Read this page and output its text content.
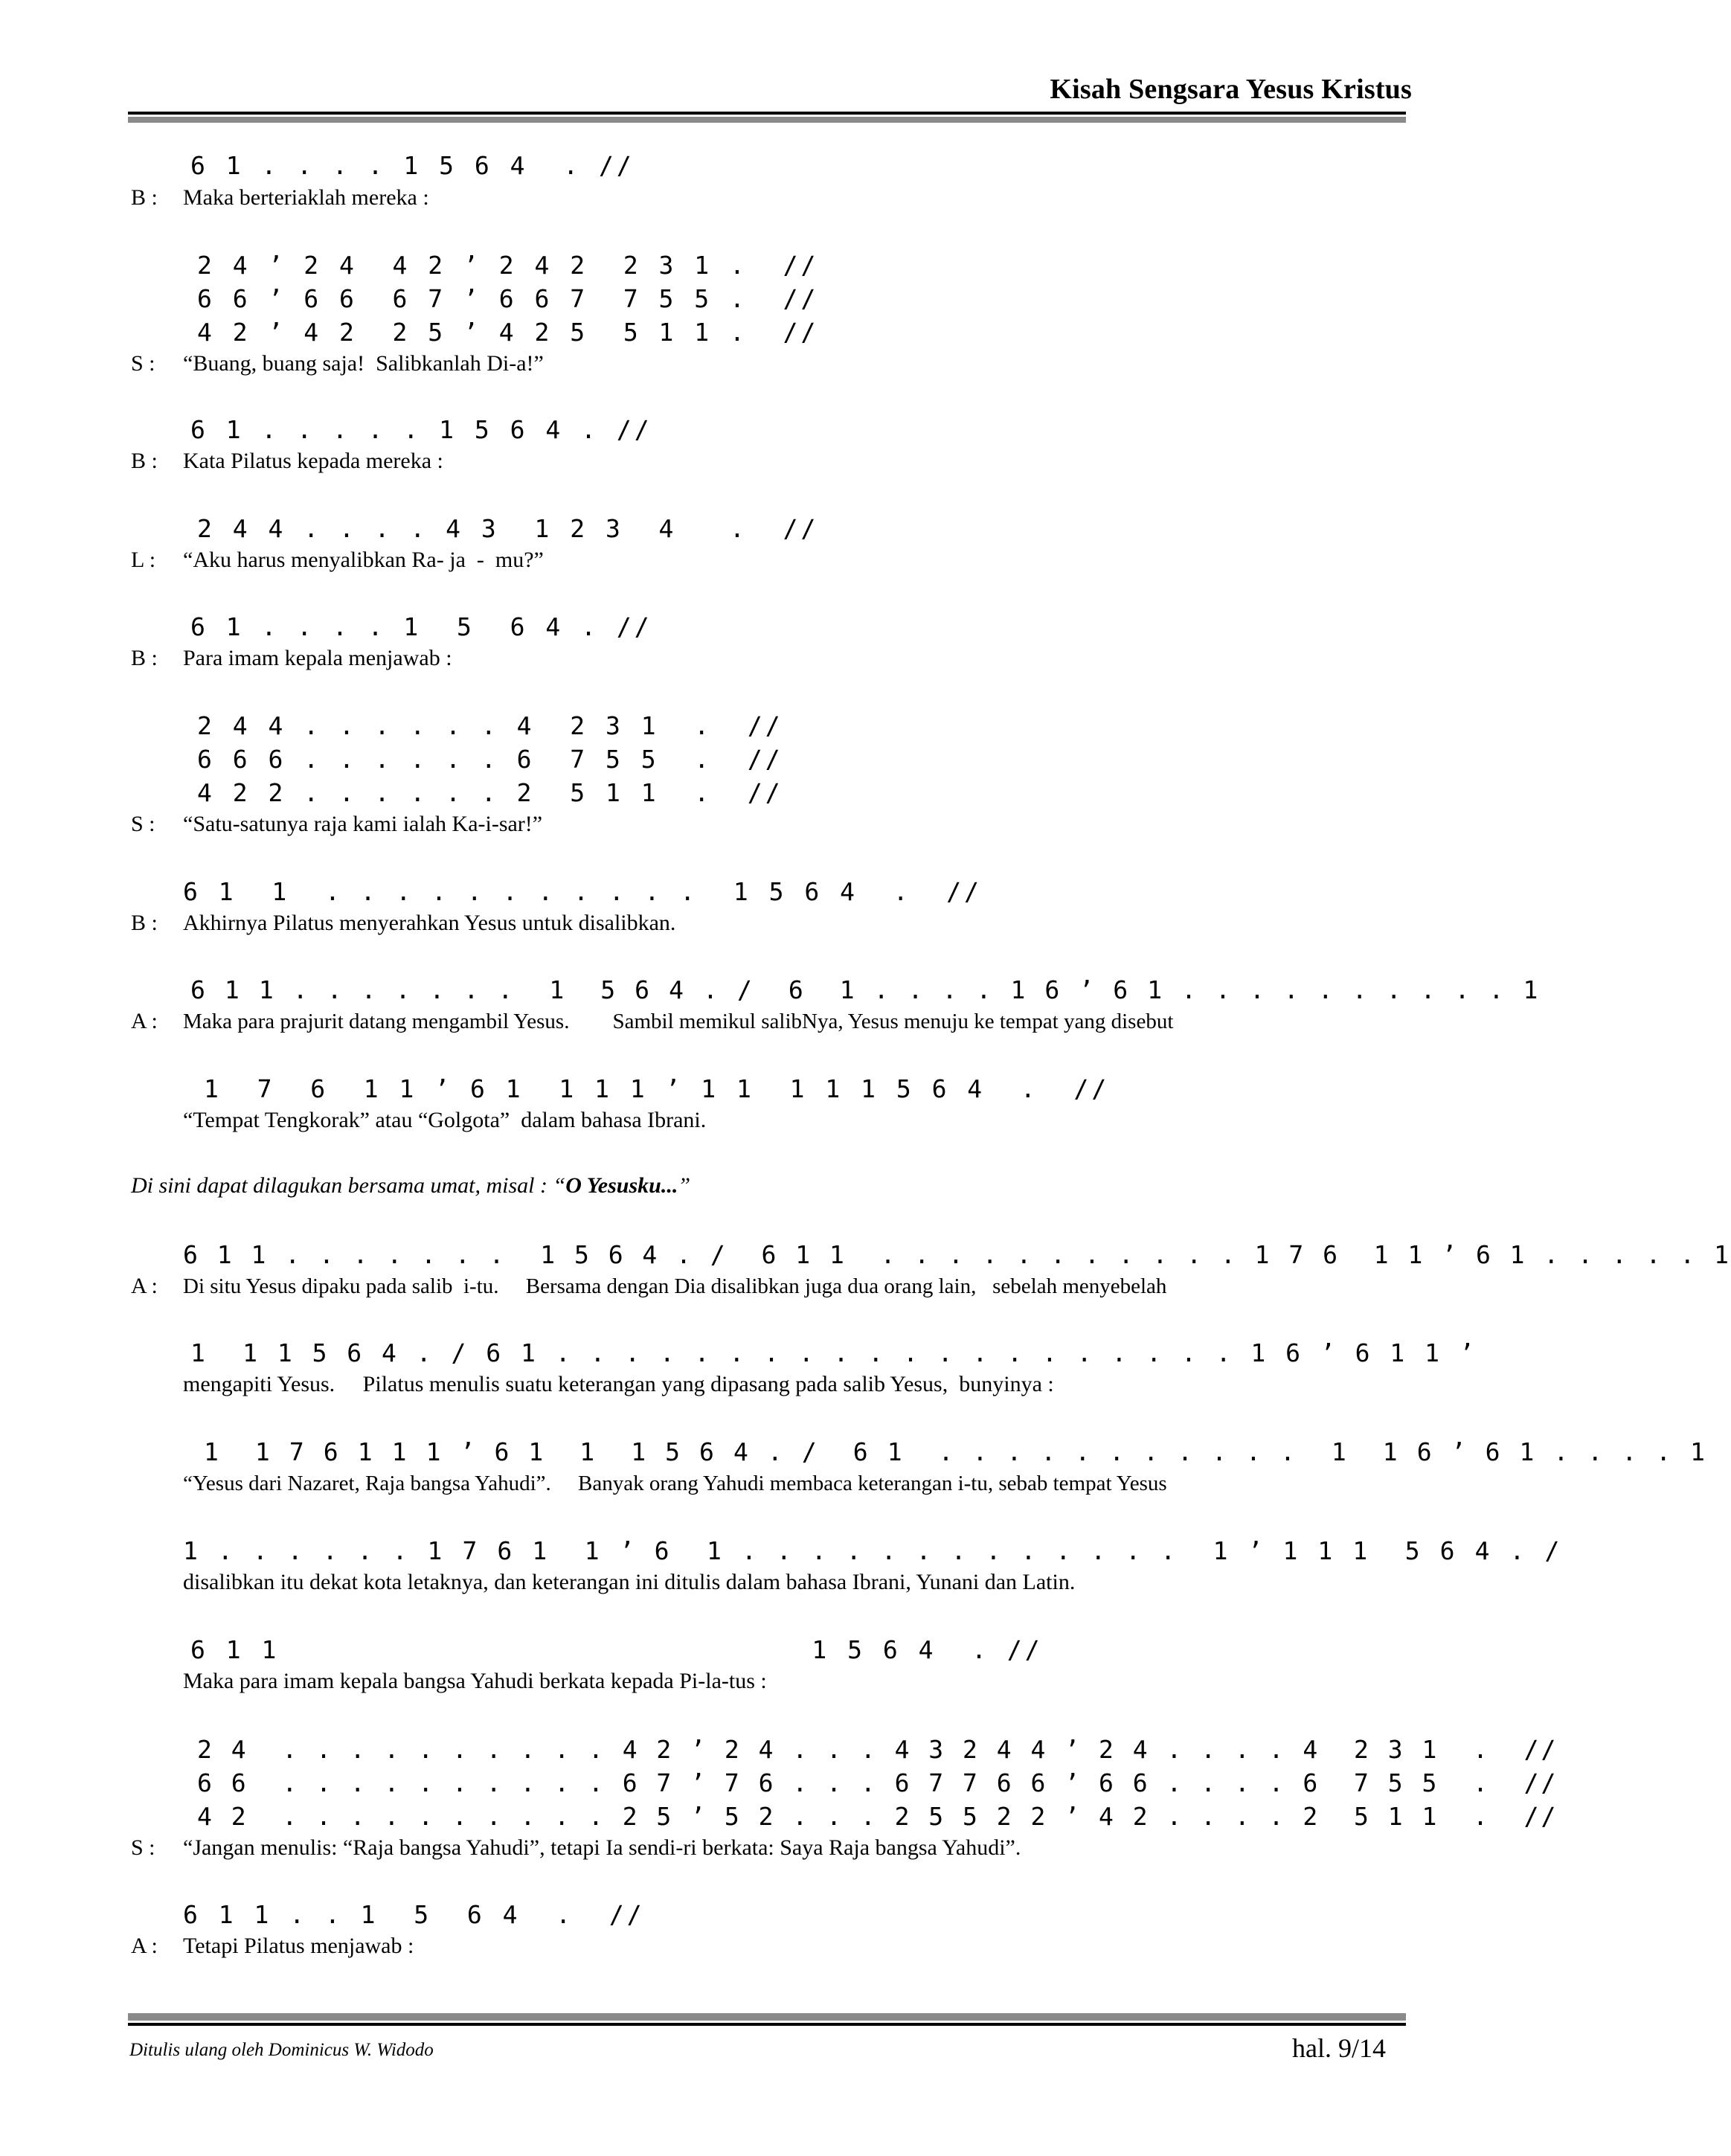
Kisah Sengsara Yesus Kristus
6 1 . . . . 1 5 6 4  . //
B : Maka berteriaklah mereka :
2 4 ’ 2 4  4 2 ’ 2 4 2  2 3 1 .  //
6 6 ’ 6 6  6 7 ’ 6 6 7  7 5 5 .  //
4 2 ’ 4 2  2 5 ’ 4 2 5  5 1 1 .  //
S : “Buang, buang saja!  Salibkanlah Di-a!”
6 1 . . . . . 1 5 6 4 . //
B : Kata Pilatus kepada mereka :
2 4 4 . . . . 4 3  1 2 3  4   .  //
L : “Aku harus menyalibkan Ra- ja  -  mu?”
6 1 . . . . 1  5  6 4 . //
B : Para imam kepala menjawab :
2 4 4 . . . . . . 4  2 3 1  .  //
6 6 6 . . . . . . 6  7 5 5  .  //
4 2 2 . . . . . . 2  5 1 1  .  //
S : “Satu-satunya raja kami ialah Ka-i-sar!”
6 1  1  . . . . . . . . . . .  1 5 6 4  .  //
B : Akhirnya Pilatus menyerahkan Yesus untuk disalibkan.
6 1 1 . . . . . . .  1  5 6 4 . /  6  1 . . . . 1 6 ’ 6 1 . . . . . . . . . . 1
A : Maka para prajurit datang mengambil Yesus.        Sambil memikul salibNya, Yesus menuju ke tempat yang disebut
1  7  6  1 1 ’ 6 1  1 1 1 ’ 1 1  1 1 1 5 6 4  .  //
“Tempat Tengkorak” atau “Golgota”  dalam bahasa Ibrani.
Di sini dapat dilagukan bersama umat, misal : “O Yesusku...”
6 1 1 . . . . . . .  1 5 6 4 . /  6 1 1  . . . . . . . . . . . 1 7 6  1 1 ’ 6 1 . . . . . 1
A : Di situ Yesus dipaku pada salib  i-tu.     Bersama dengan Dia disalibkan juga dua orang lain,   sebelah menyebelah
1  1 1 5 6 4 . / 6 1 . . . . . . . . . . . . . . . . . . . . 1 6 ’ 6 1 1 ’
mengapiti Yesus.     Pilatus menulis suatu keterangan yang dipasang pada salib Yesus,  bunyinya :
1  1 7 6 1 1 1 ’ 6 1  1  1 5 6 4 . /  6 1  . . . . . . . . . . .  1  1 6 ’ 6 1 . . . . 1
“Yesus dari Nazaret, Raja bangsa Yahudi”.     Banyak orang Yahudi membaca keterangan i-tu, sebab tempat Yesus
1 . . . . . . 1 7 6 1  1 ’ 6  1 . . . . . . . . . . . . .  1 ’ 1 1 1  5 6 4 . /
disalibkan itu dekat kota letaknya, dan keterangan ini ditulis dalam bahasa Ibrani, Yunani dan Latin.
6 1 1                              1 5 6 4  . //
Maka para imam kepala bangsa Yahudi berkata kepada Pi-la-tus :
2 4  . . . . . . . . . . 4 2 ’ 2 4 . . . 4 3 2 4 4 ’ 2 4 . . . . 4  2 3 1  .  //
6 6  . . . . . . . . . . 6 7 ’ 7 6 . . . 6 7 7 6 6 ’ 6 6 . . . . 6  7 5 5  .  //
4 2  . . . . . . . . . . 2 5 ’ 5 2 . . . 2 5 5 2 2 ’ 4 2 . . . . 2  5 1 1  .  //
S : “Jangan menulis: “Raja bangsa Yahudi”, tetapi Ia sendi-ri berkata: Saya Raja bangsa Yahudi”.
6 1 1 . . 1  5  6 4  .  //
A : Tetapi Pilatus menjawab :
Ditulis ulang oleh Dominicus W. Widodo	hal. 9/14
